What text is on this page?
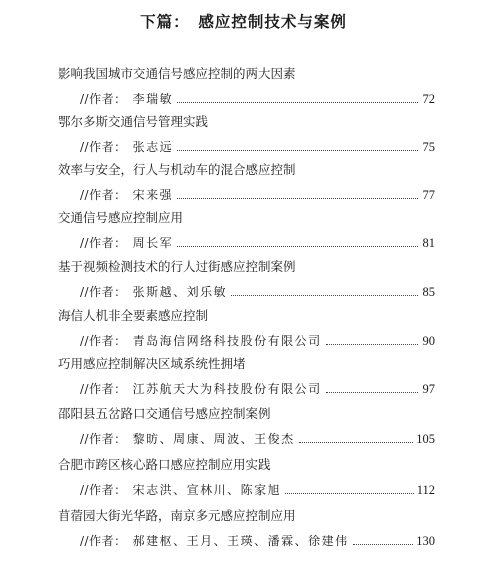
下篇：　感应控制技术与案例
影响我国城市交通信号感应控制的两大因素
//作者： 李瑞敏	72
鄂尔多斯交通信号管理实践
//作者： 张志远	75
效率与安全，行人与机动车的混合感应控制
//作者： 宋来强	77
交通信号感应控制应用
//作者： 周长军	81
基于视频检测技术的行人过街感应控制案例
//作者： 张斯越、刘乐敏	85
海信人机非全要素感应控制
//作者： 青岛海信网络科技股份有限公司	90
巧用感应控制解决区域系统性拥堵
//作者： 江苏航天大为科技股份有限公司	97
邵阳县五岔路口交通信号感应控制案例
//作者： 黎昉、周康、周波、王俊杰	105
合肥市跨区核心路口感应控制应用实践
//作者： 宋志洪、宣林川、陈家旭	112
苜蓿园大街光华路，南京多元感应控制应用
//作者： 郝建枢、王月、王瑛、潘霖、徐建伟	130
